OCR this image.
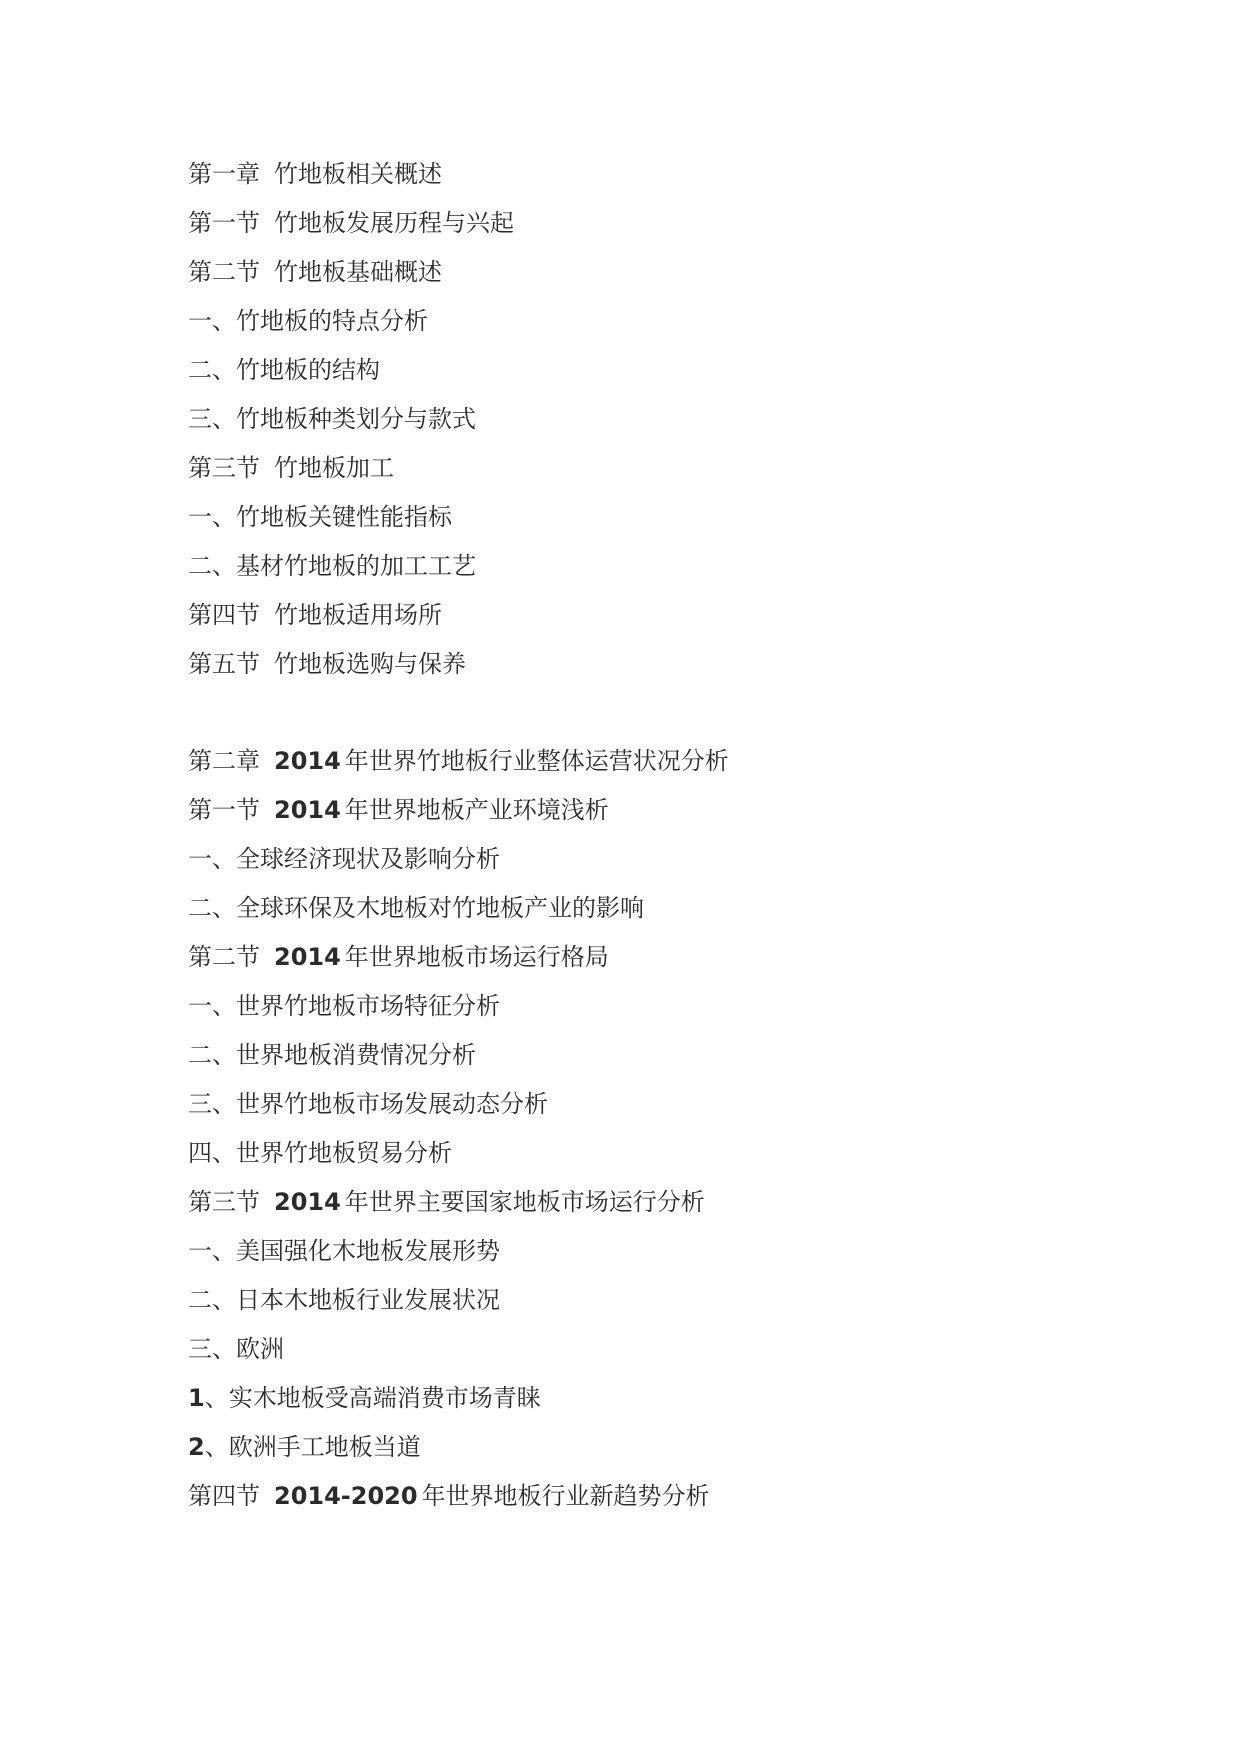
第一章 竹地板相关概述
第一节 竹地板发展历程与兴起
第二节 竹地板基础概述
一、竹地板的特点分析
二、竹地板的结构
三、竹地板种类划分与款式
第三节 竹地板加工
一、竹地板关键性能指标
二、基材竹地板的加工工艺
第四节 竹地板适用场所
第五节 竹地板选购与保养
第二章 2014 年世界竹地板行业整体运营状况分析
第一节 2014 年世界地板产业环境浅析
一、全球经济现状及影响分析
二、全球环保及木地板对竹地板产业的影响
第二节 2014 年世界地板市场运行格局
一、世界竹地板市场特征分析
二、世界地板消费情况分析
三、世界竹地板市场发展动态分析
四、世界竹地板贸易分析
第三节 2014 年世界主要国家地板市场运行分析
一、美国强化木地板发展形势
二、日本木地板行业发展状况
三、欧洲
1、实木地板受高端消费市场青睐
2、欧洲手工地板当道
第四节 2014-2020 年世界地板行业新趋势分析
